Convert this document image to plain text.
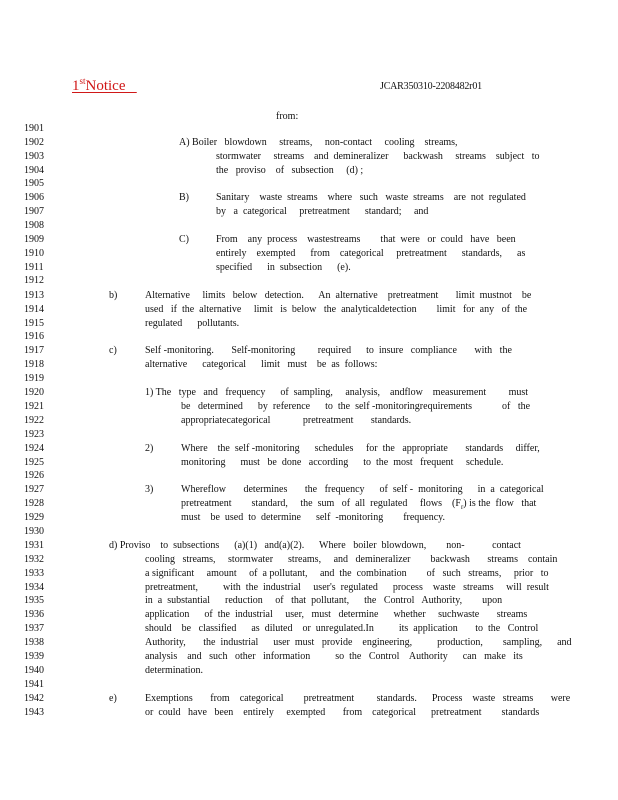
1stNotice	JCAR350310-2208482r01
from:
1901
1902	A) Boiler   blowdown     streams,     non-contact     cooling    streams,
1903	stormwater     streams    and  demineralizer      backwash     streams    subject   to
1904	the   proviso    of   subsection     (d) ;
1905
1906	B)	Sanitary    waste  streams    where   such   waste  streams    are  not  regulated
1907	by   a  categorical     pretreatment      standard;     and
1908
1909	C)	From    any  process    wastestreams        that  were   or  could   have   been
1910	entirely    exempted      from    categorical     pretreatment      standards,      as
1911	specified      in  subsection      (e).
1912
1913	b)	Alternative     limits   below   detection.      An  alternative    pretreatment       limit  mustnot    be
1914	used   if  the  alternative     limit   is  below   the  analyticaldetection        limit   for  any   of  the
1915	regulated      pollutants.
1916
1917	c)	Self -monitoring.       Self-monitoring         required      to  insure   compliance       with   the
1918	alternative      categorical      limit   must    be  as  follows:
1919
1920	1) The   type   and   frequency      of  sampling,     analysis,    andflow    measurement         must
1921	be   determined      by  reference      to  the  self -monitoringrequirements            of   the
1922	appropriatecategorical             pretreatment       standards.
1923
1924	2)	Where    the  self -monitoring      schedules     for  the   appropriate       standards     differ,
1925	monitoring      must   be  done   according      to  the  most   frequent     schedule.
1926
1927	3)	Whereflow       determines       the   frequency      of  self -  monitoring      in  a  categorical
1928	pretreatment        standard,     the  sum   of  all  regulated     flows    $(F_r)$ is the  flow   that
1929	must    be  used  to  determine      self  -monitoring        frequency.
1930
1931	d) Proviso    to  subsections      (a)(1)   and(a)(2).      Where   boiler  blowdown,        non-           contact
1932	cooling   streams,     stormwater      streams,     and   demineralizer        backwash       streams    contain
1933	a significant     amount     of  a pollutant,     and  the  combination        of   such   streams,     prior   to
1934	pretreatment,          with  the  industrial     user's  regulated      process    waste   streams     will  result
1935	in  a  substantial      reduction     of   that  pollutant,      the   Control   Authority,        upon
1936	application      of  the  industrial     user,   must   determine      whether     suchwaste       streams
1937	should    be   classified      as  diluted    or  unregulated.In          its  application       to  the   Control
1938	Authority,       the  industrial      user  must   provide    engineering,          production,        sampling,      and
1939	analysis    and   such   other   information          so  the   Control    Authority      can   make   its
1940	determination.
1941
1942	e)	Exemptions       from    categorical        pretreatment         standards.      Process    waste   streams       were
1943	or  could   have   been    entirely     exempted       from    categorical      pretreatment        standards
